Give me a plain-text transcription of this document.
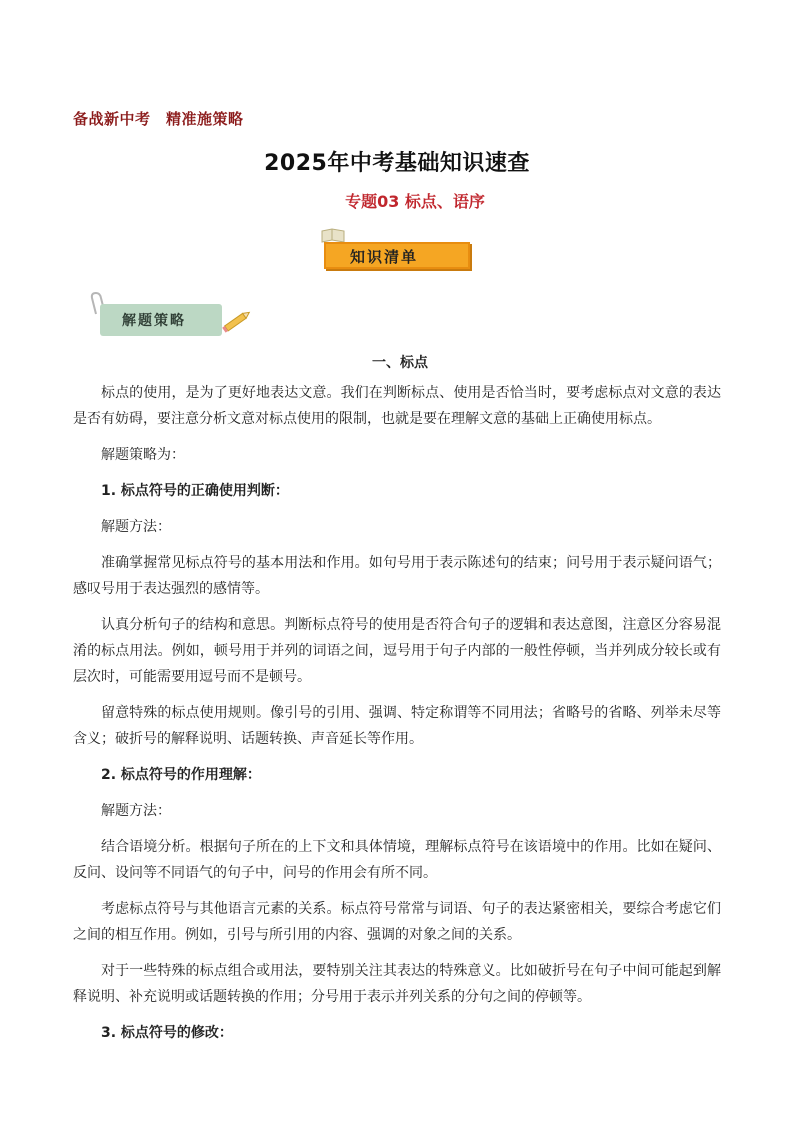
备战新中考　精准施策略
2025年中考基础知识速查
专题03 标点、语序
知识清单
解题策略
一、标点

标点的使用，是为了更好地表达文意。我们在判断标点、使用是否恰当时，要考虑标点对文意的表达是否有妨碍，要注意分析文意对标点使用的限制，也就是要在理解文意的基础上正确使用标点。

解题策略为：

1. 标点符号的正确使用判断：

解题方法：

准确掌握常见标点符号的基本用法和作用。如句号用于表示陈述句的结束；问号用于表示疑问语气；感叹号用于表达强烈的感情等。

认真分析句子的结构和意思。判断标点符号的使用是否符合句子的逻辑和表达意图，注意区分容易混淆的标点用法。例如，顿号用于并列的词语之间，逗号用于句子内部的一般性停顿，当并列成分较长或有层次时，可能需要用逗号而不是顿号。

留意特殊的标点使用规则。像引号的引用、强调、特定称谓等不同用法；省略号的省略、列举未尽等含义；破折号的解释说明、话题转换、声音延长等作用。

2. 标点符号的作用理解：

解题方法：

结合语境分析。根据句子所在的上下文和具体情境，理解标点符号在该语境中的作用。比如在疑问、反问、设问等不同语气的句子中，问号的作用会有所不同。

考虑标点符号与其他语言元素的关系。标点符号常常与词语、句子的表达紧密相关，要综合考虑它们之间的相互作用。例如，引号与所引用的内容、强调的对象之间的关系。

对于一些特殊的标点组合或用法，要特别关注其表达的特殊意义。比如破折号在句子中间可能起到解释说明、补充说明或话题转换的作用；分号用于表示并列关系的分句之间的停顿等。

3. 标点符号的修改：
